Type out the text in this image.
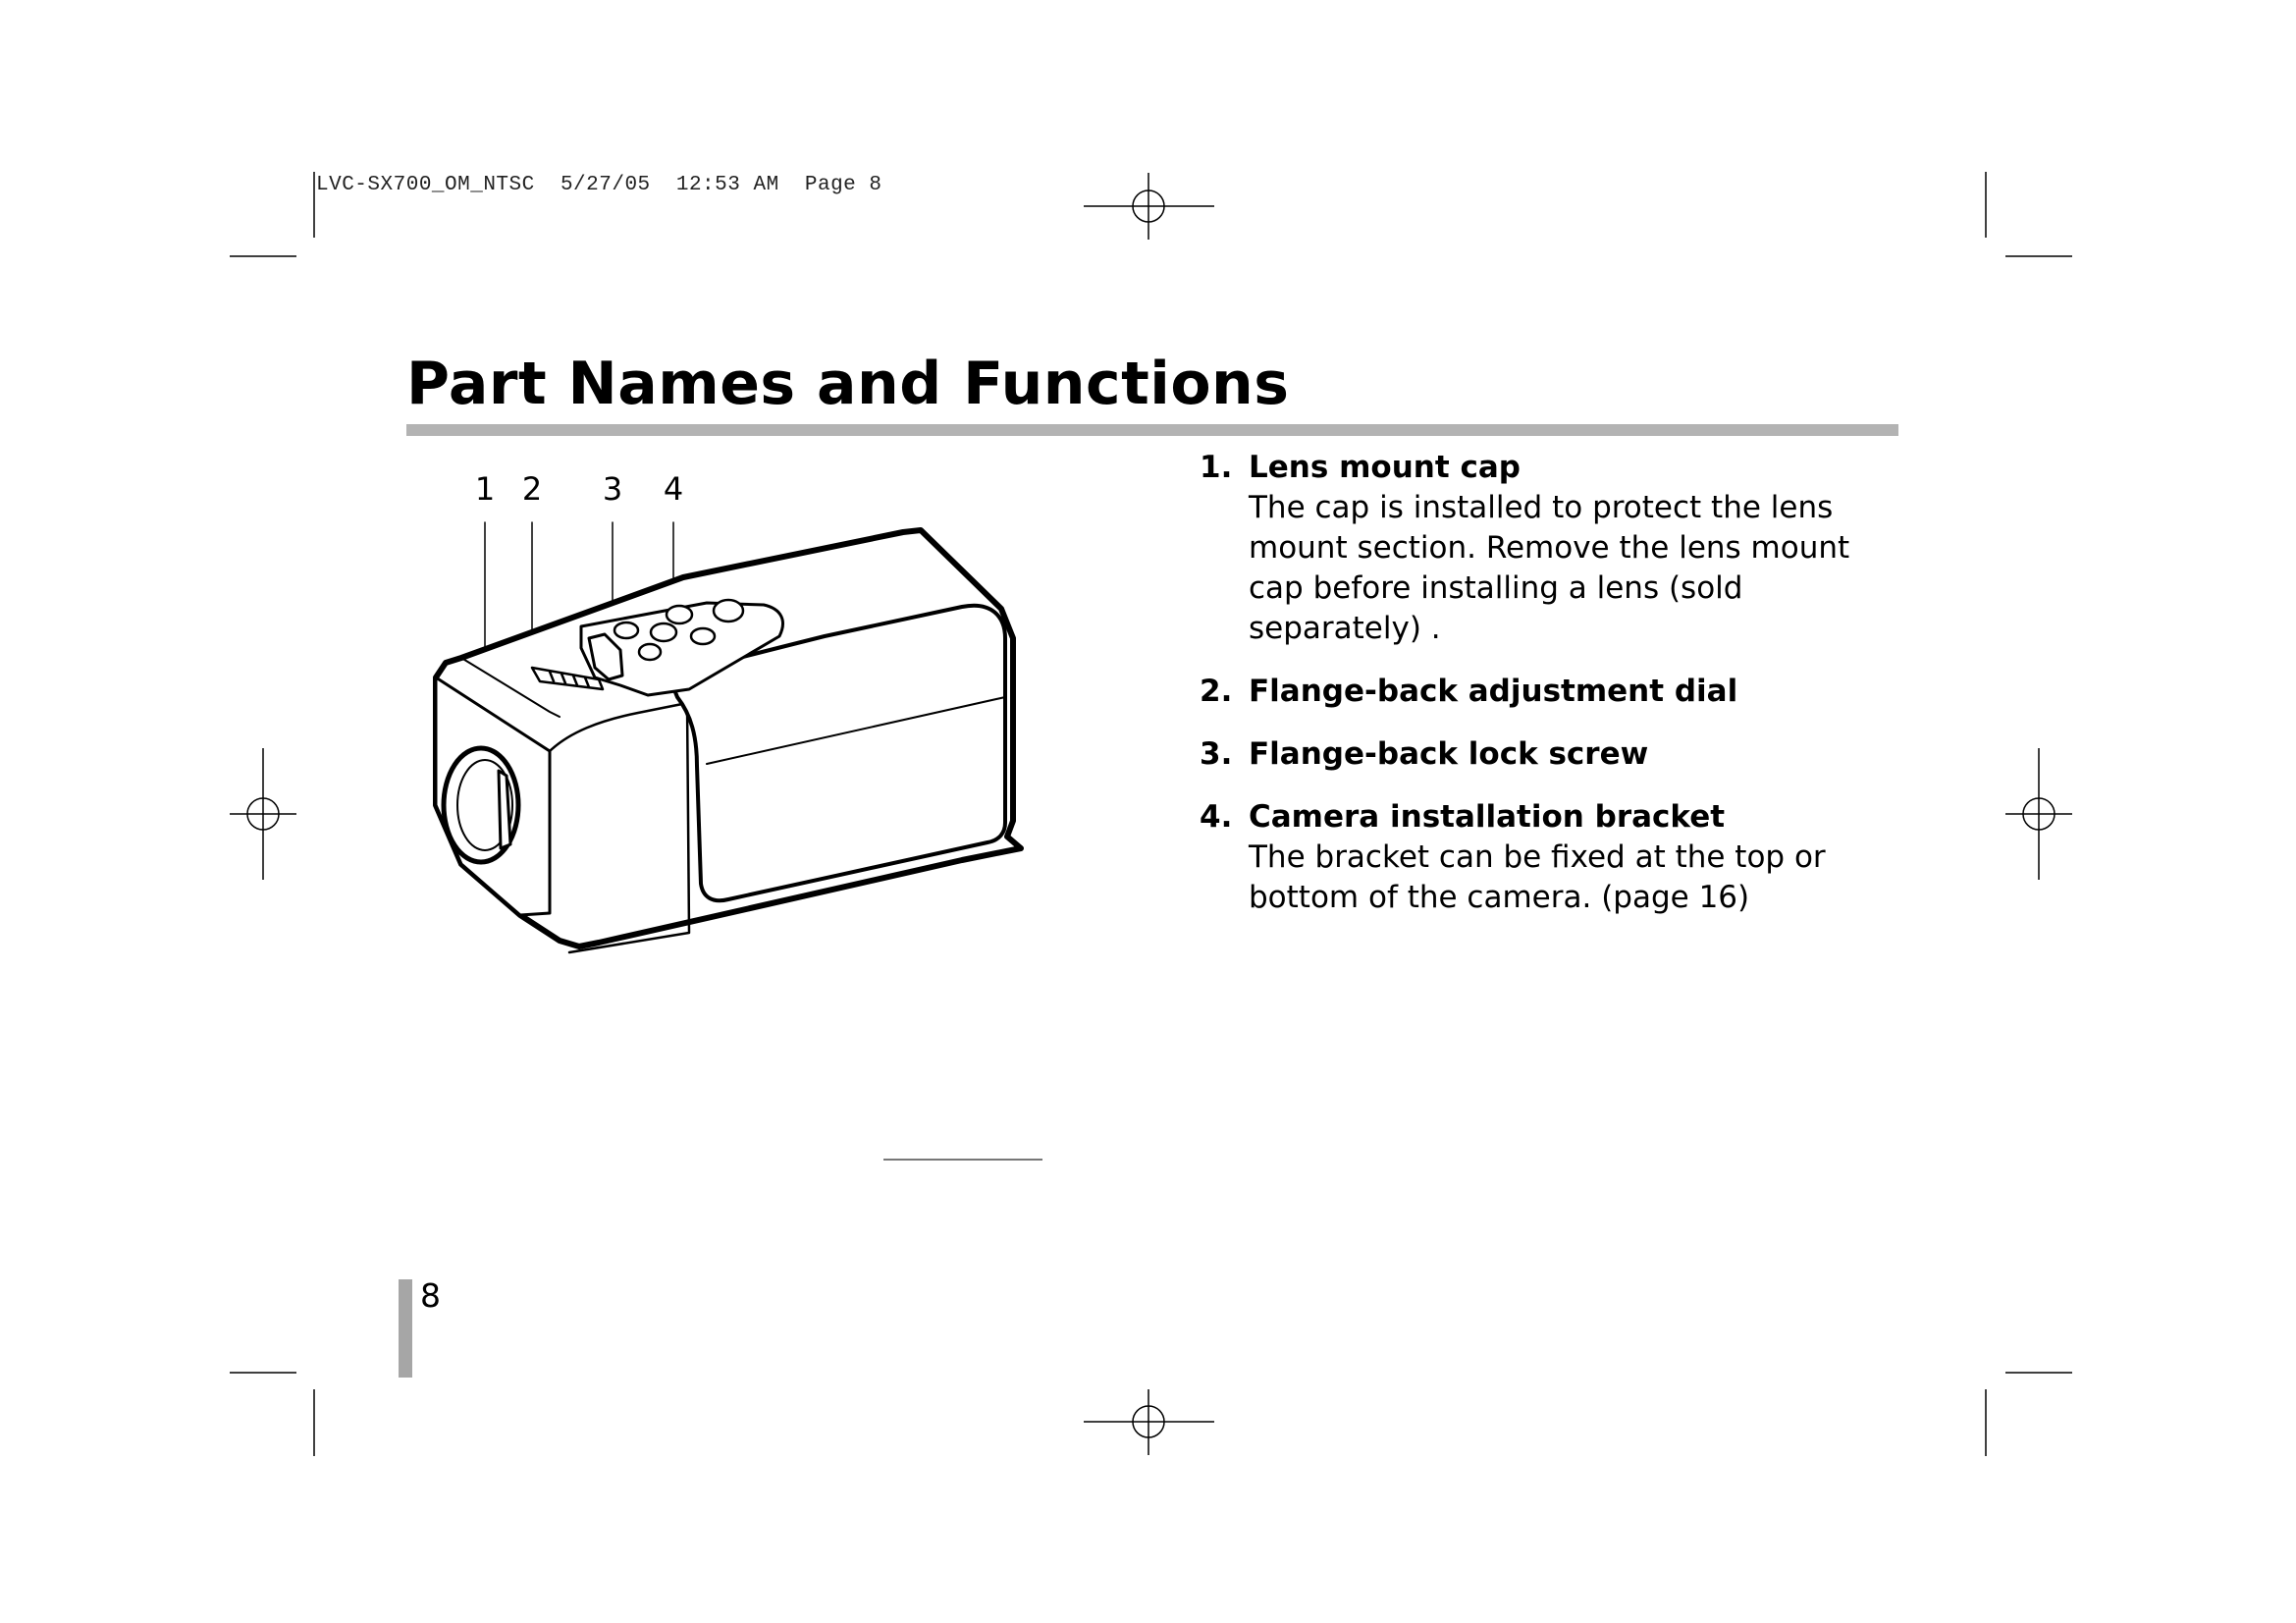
LVC-SX700_OM_NTSC  5/27/05  12:53 AM  Page 8
Part Names and Functions
1 2 3 4
1. Lens mount cap
The cap is installed to protect the lens mount section. Remove the lens mount cap before installing a lens (sold separately) .
2. Flange-back adjustment dial
3. Flange-back lock screw
4. Camera installation bracket
The bracket can be fixed at the top or bottom of the camera. (page 16)
8
